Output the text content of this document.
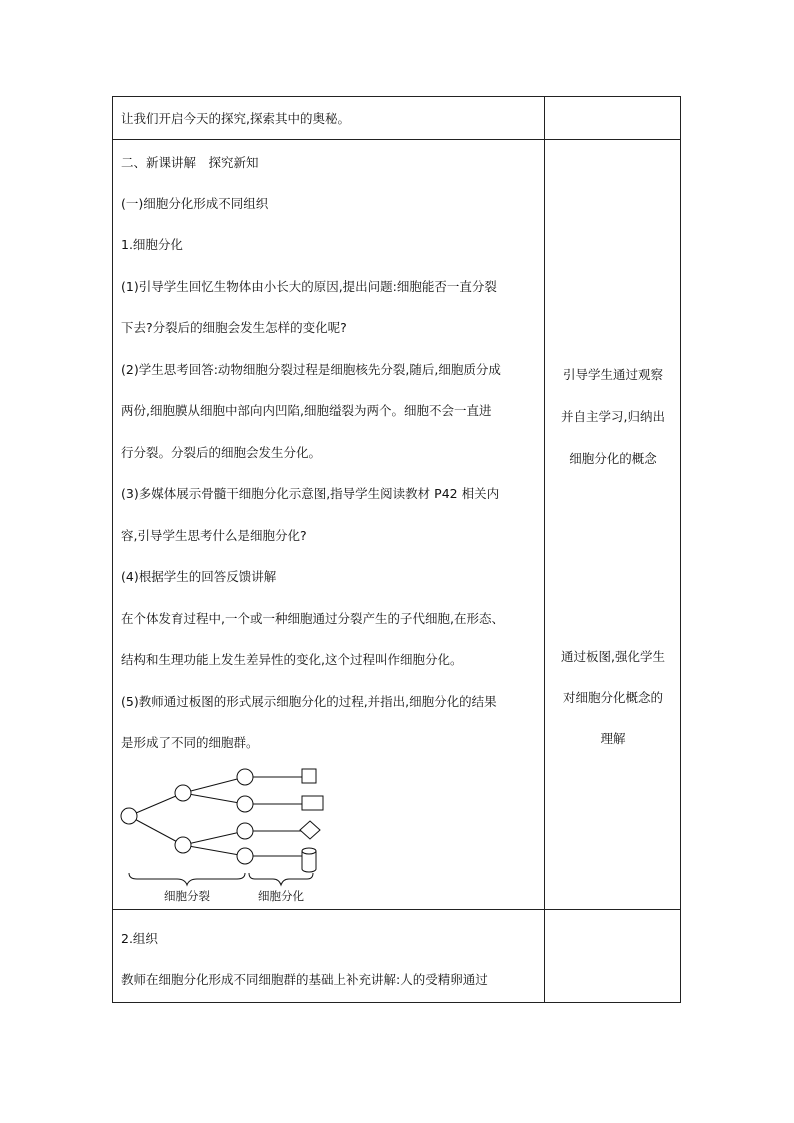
让我们开启今天的探究,探索其中的奥秘。
二、新课讲解　探究新知
(一)细胞分化形成不同组织
1.细胞分化
(1)引导学生回忆生物体由小长大的原因,提出问题:细胞能否一直分裂
下去?分裂后的细胞会发生怎样的变化呢?
(2)学生思考回答:动物细胞分裂过程是细胞核先分裂,随后,细胞质分成
两份,细胞膜从细胞中部向内凹陷,细胞缢裂为两个。细胞不会一直进
行分裂。分裂后的细胞会发生分化。
(3)多媒体展示骨髓干细胞分化示意图,指导学生阅读教材 P42 相关内
容,引导学生思考什么是细胞分化?
(4)根据学生的回答反馈讲解
在个体发育过程中,一个或一种细胞通过分裂产生的子代细胞,在形态、
结构和生理功能上发生差异性的变化,这个过程叫作细胞分化。
(5)教师通过板图的形式展示细胞分化的过程,并指出,细胞分化的结果
是形成了不同的细胞群。
引导学生通过观察
并自主学习,归纳出
细胞分化的概念
通过板图,强化学生
对细胞分化概念的
理解
细胞分裂	细胞分化
2.组织
教师在细胞分化形成不同细胞群的基础上补充讲解:人的受精卵通过
